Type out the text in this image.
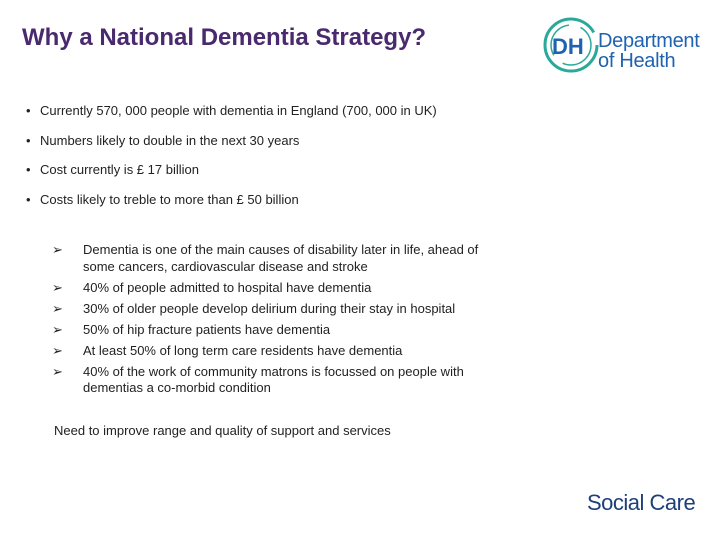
Why a National Dementia Strategy?	DH Department
of Health
• Currently 570, 000 people with dementia in England (700, 000 in UK)
• Numbers likely to double in the next 30 years
• Cost currently is £ 17 billion
• Costs likely to treble to more than £ 50 billion
➢ Dementia is one of the main causes of disability later in life, ahead of some cancers, cardiovascular disease and stroke
➢ 40% of people admitted to hospital have dementia
➢ 30% of older people develop delirium during their stay in hospital
➢ 50% of hip fracture patients have dementia
➢ At least 50% of long term care residents have dementia
➢ 40% of the work of community matrons is focussed on people with dementias a co-morbid condition
Need to improve range and quality of support and services
Social Care
